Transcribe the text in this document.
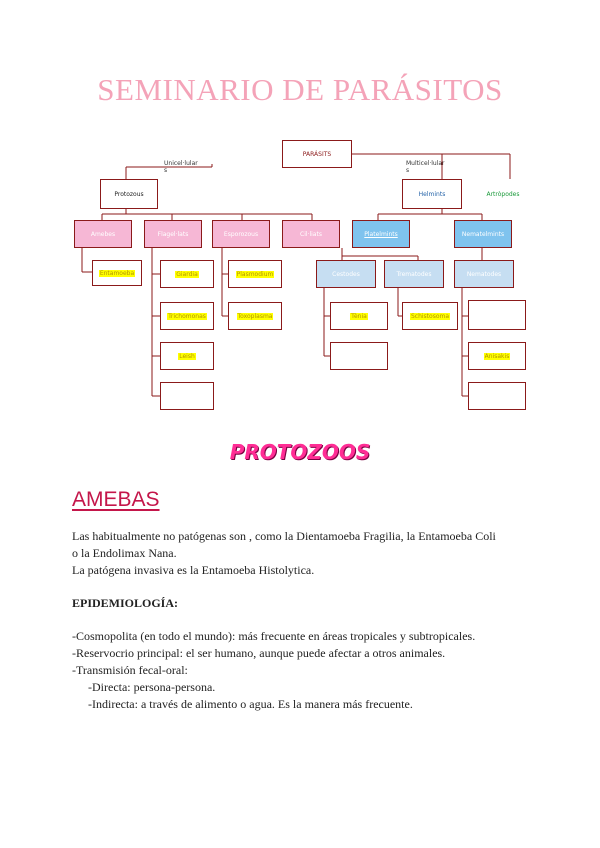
SEMINARIO DE PARÁSITOS
PARÁSITS
Unicel·lular
s
Multicel·lular
s
Protozous	Helmints	Artròpodes
Amebes	Flagel·lats	Esporozous	Cil·liats	Platelmints	Nematelmints
Entamoeba	Giardia	Plasmodium
Trichomonas	Toxoplasma
Leish
Cestodes	Trematodes	Nematodes
Tènia	Schistosoma
Anisakis
PROTOZOOS
AMEBAS
Las habitualmente no patógenas son , como la Dientamoeba Fragilia, la Entamoeba Coli
o la Endolimax Nana.
La patógena invasiva es la Entamoeba Histolytica.
EPIDEMIOLOGÍA:
-Cosmopolita (en todo el mundo): más frecuente en áreas tropicales y subtropicales.
-Reservocrio principal: el ser humano, aunque puede afectar a otros animales.
-Transmisión fecal-oral:
-Directa: persona-persona.
-Indirecta: a través de alimento o agua. Es la manera más frecuente.
